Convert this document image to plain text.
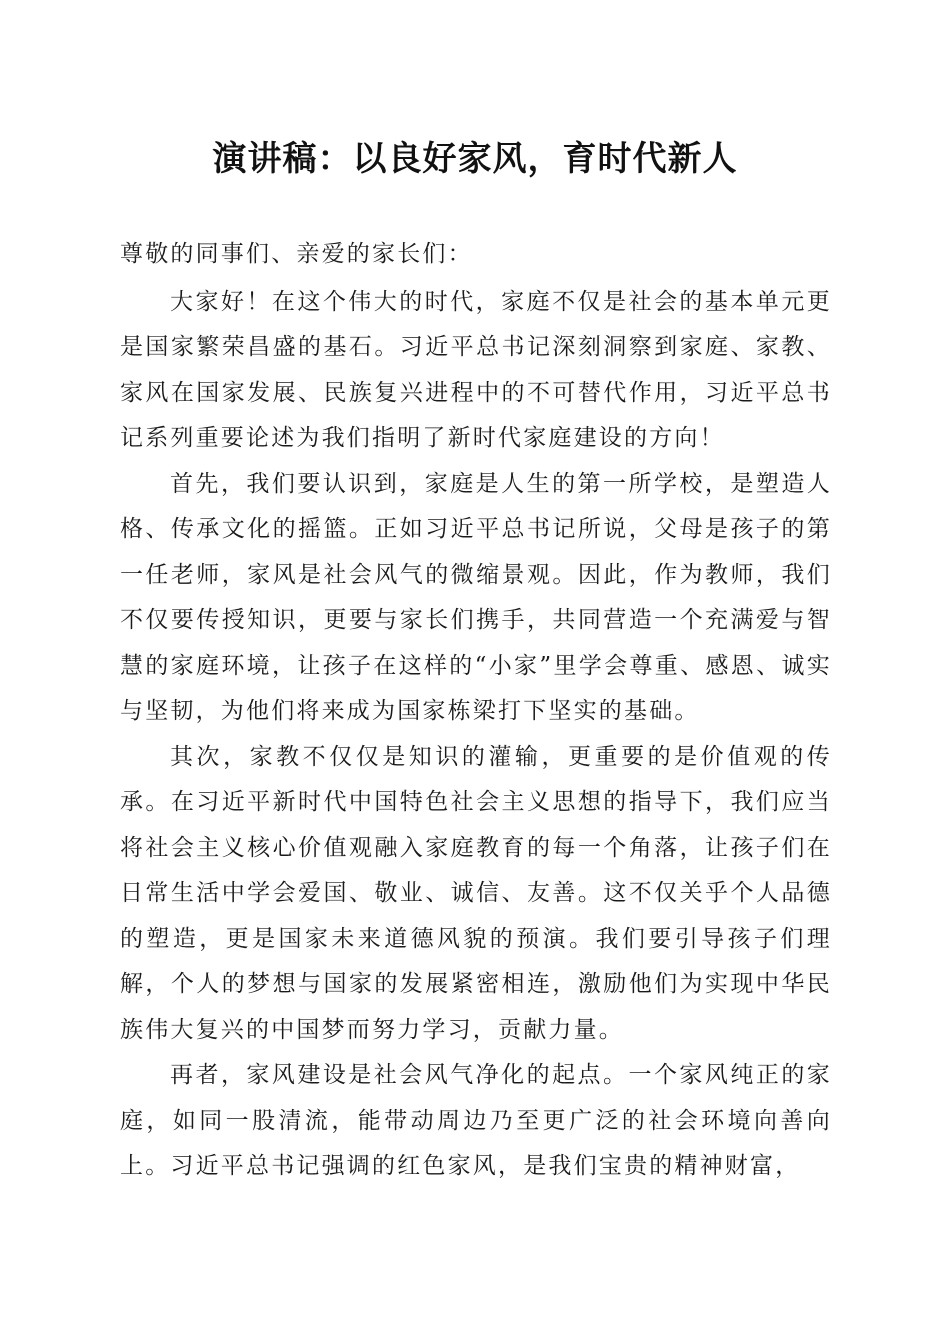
演讲稿：以良好家风，育时代新人

尊敬的同事们、亲爱的家长们：

大家好！在这个伟大的时代，家庭不仅是社会的基本单元更是国家繁荣昌盛的基石。习近平总书记深刻洞察到家庭、家教、家风在国家发展、民族复兴进程中的不可替代作用，习近平总书记系列重要论述为我们指明了新时代家庭建设的方向！

首先，我们要认识到，家庭是人生的第一所学校，是塑造人格、传承文化的摇篮。正如习近平总书记所说，父母是孩子的第一任老师，家风是社会风气的微缩景观。因此，作为教师，我们不仅要传授知识，更要与家长们携手，共同营造一个充满爱与智慧的家庭环境，让孩子在这样的“小家”里学会尊重、感恩、诚实与坚韧，为他们将来成为国家栋梁打下坚实的基础。

其次，家教不仅仅是知识的灌输，更重要的是价值观的传承。在习近平新时代中国特色社会主义思想的指导下，我们应当将社会主义核心价值观融入家庭教育的每一个角落，让孩子们在日常生活中学会爱国、敬业、诚信、友善。这不仅关乎个人品德的塑造，更是国家未来道德风貌的预演。我们要引导孩子们理解，个人的梦想与国家的发展紧密相连，激励他们为实现中华民族伟大复兴的中国梦而努力学习，贡献力量。

再者，家风建设是社会风气净化的起点。一个家风纯正的家庭，如同一股清流，能带动周边乃至更广泛的社会环境向善向上。习近平总书记强调的红色家风，是我们宝贵的精神财富，
